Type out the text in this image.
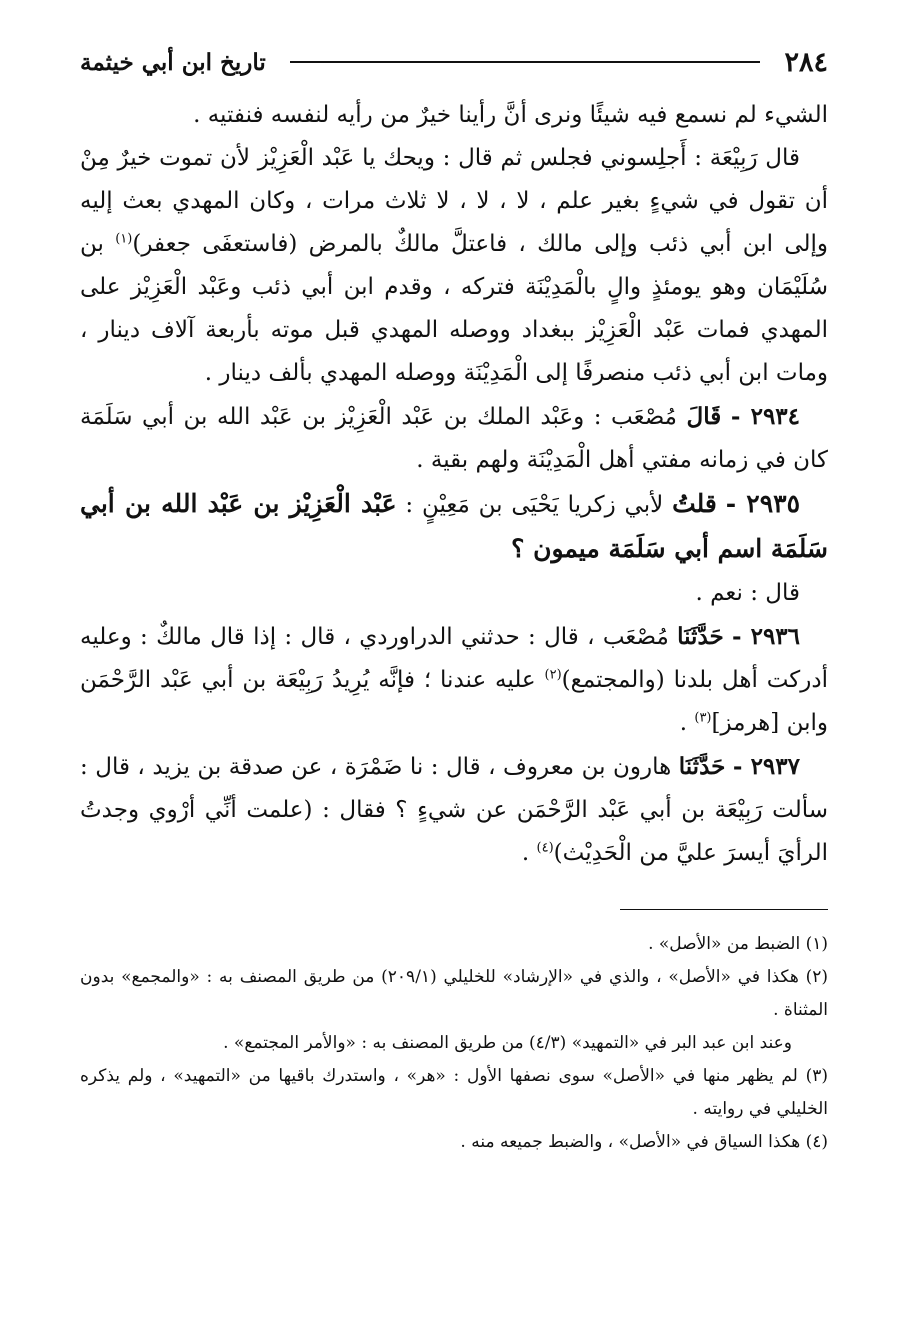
٢٨٤
تاريخ ابن أبي خيثمة

الشيء لم نسمع فيه شيئًا ونرى أنَّ رأينا خيرٌ من رأيه لنفسه فنفتيه .

قال رَبِيْعَة : أَجلِسوني فجلس ثم قال : ويحك يا عَبْد الْعَزِيْز لأن تموت خيرٌ مِنْ أن تقول في شيءٍ بغير علم ، لا ، لا ، لا ثلاث مرات ، وكان المهدي بعث إليه وإلى ابن أبي ذئب وإلى مالك ، فاعتلَّ مالكٌ بالمرض (فاستعفَى جعفر)$^{(١)}$ بن سُلَيْمَان وهو يومئذٍ والٍ بالْمَدِيْنَة فتركه ، وقدم ابن أبي ذئب وعَبْد الْعَزِيْز على المهدي فمات عَبْد الْعَزِيْز ببغداد ووصله المهدي قبل موته بأربعة آلاف دينار ، ومات ابن أبي ذئب منصرفًا إلى الْمَدِيْنَة ووصله المهدي بألف دينار .

٢٩٣٤ - قَالَ مُصْعَب : وعَبْد الملك بن عَبْد الْعَزِيْز بن عَبْد الله بن أبي سَلَمَة كان في زمانه مفتي أهل الْمَدِيْنَة ولهم بقية .

٢٩٣٥ - قلتُ لأبي زكريا يَحْيَى بن مَعِيْنٍ : عَبْد الْعَزِيْز بن عَبْد الله بن أبي سَلَمَة اسم أبي سَلَمَة ميمون ؟

قال : نعم .

٢٩٣٦ - حَدَّثَنَا مُصْعَب ، قال : حدثني الدراوردي ، قال : إذا قال مالكٌ : وعليه أدركت أهل بلدنا (والمجتمع)$^{(٢)}$ عليه عندنا ؛ فإنَّه يُرِيدُ رَبِيْعَة بن أبي عَبْد الرَّحْمَن وابن [هرمز]$^{(٣)}$ .

٢٩٣٧ - حَدَّثَنَا هارون بن معروف ، قال : نا ضَمْرَة ، عن صدقة بن يزيد ، قال : سألت رَبِيْعَة بن أبي عَبْد الرَّحْمَن عن شيءٍ ؟ فقال : (علمت أنِّي أرْوي وجدتُ الرأيَ أيسرَ عليَّ من الْحَدِيْث)$^{(٤)}$ .

(١) الضبط من «الأصل» .

(٢) هكذا في «الأصل» ، والذي في «الإرشاد» للخليلي (٢٠٩/١) من طريق المصنف به : «والمجمع» بدون المثناة .

وعند ابن عبد البر في «التمهيد» (٤/٣) من طريق المصنف به : «والأمر المجتمع» .

(٣) لم يظهر منها في «الأصل» سوى نصفها الأول : «هر» ، واستدرك باقيها من «التمهيد» ، ولم يذكره الخليلي في روايته .

(٤) هكذا السياق في «الأصل» ، والضبط جميعه منه .
